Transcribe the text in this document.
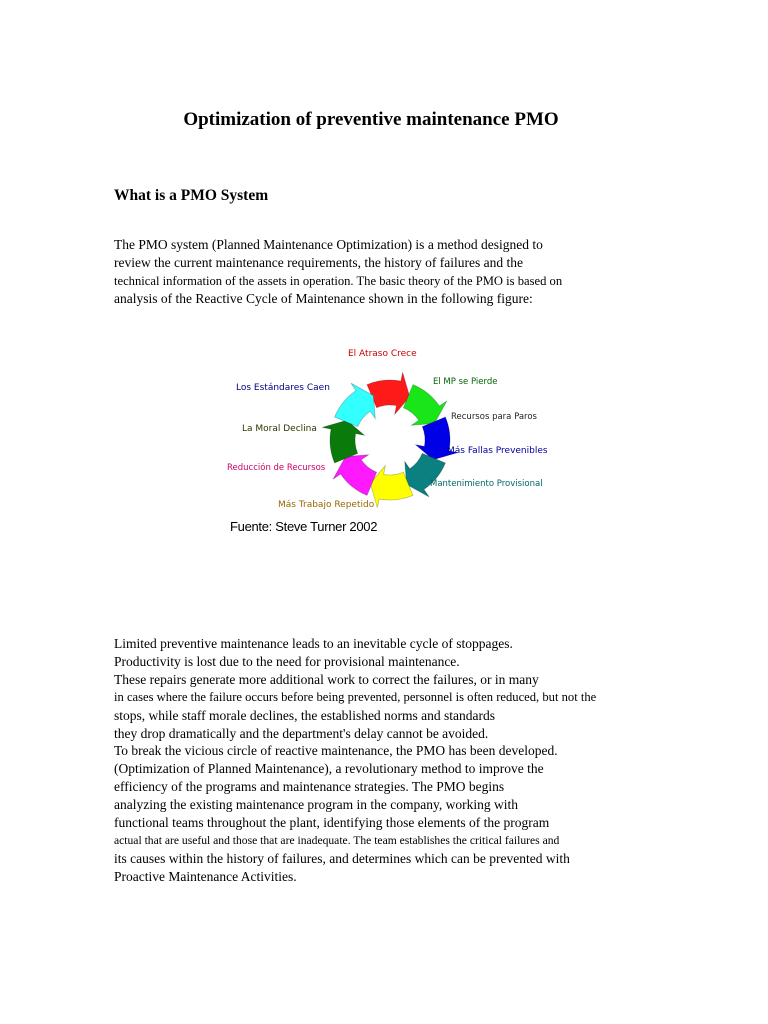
Optimization of preventive maintenance PMO
What is a PMO System
The PMO system (Planned Maintenance Optimization) is a method designed to
review the current maintenance requirements, the history of failures and the
technical information of the assets in operation. The basic theory of the PMO is based on
analysis of the Reactive Cycle of Maintenance shown in the following figure:
El Atraso Crece
El MP se Pierde
Recursos para Paros
Más Fallas Prevenibles
Mantenimiento Provisional
Más Trabajo Repetido
Reducción de Recursos
La Moral Declina
Los Estándares Caen

Fuente: Steve Turner 2002

Limited preventive maintenance leads to an inevitable cycle of stoppages.
Productivity is lost due to the need for provisional maintenance.
These repairs generate more additional work to correct the failures, or in many
in cases where the failure occurs before being prevented, personnel is often reduced, but not the
stops, while staff morale declines, the established norms and standards
they drop dramatically and the department's delay cannot be avoided.
To break the vicious circle of reactive maintenance, the PMO has been developed.
(Optimization of Planned Maintenance), a revolutionary method to improve the
efficiency of the programs and maintenance strategies. The PMO begins
analyzing the existing maintenance program in the company, working with
functional teams throughout the plant, identifying those elements of the program
actual that are useful and those that are inadequate. The team establishes the critical failures and
its causes within the history of failures, and determines which can be prevented with
Proactive Maintenance Activities.
